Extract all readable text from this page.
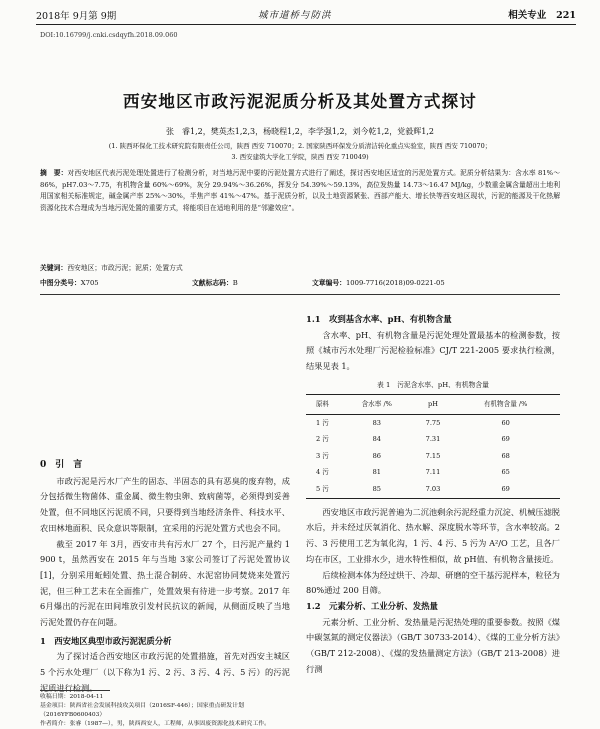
2018年 9月第 9期	城市道桥与防洪	相关专业 221
DOI:10.16799/j.cnki.csdqyfh.2018.09.060
西安地区市政污泥泥质分析及其处置方式探讨
张　睿1,2，樊英杰1,2,3，杨晓程1,2，李学强1,2，刘今乾1,2，党毅辉1,2
(1. 陕西环保化工技术研究院有限责任公司，陕西 西安 710070；2. 国家陕西环保发分质清洁转化重点实验室，陕西 西安 710070；
3. 西安建筑大学化工学院，陕西 西安 710049)
摘　要：对西安地区代表污泥处理处置进行了检测分析，对当地污泥中要的污泥处置方式进行了阐述，探讨西安地区适宜的污泥处置方式。泥质分析结果为：含水率 81%～86%，pH7.03～7.75，有机物含量 60%～69%，灰分 29.94%～36.26%，挥发分 54.39%～59.13%，高位发热量 14.73～16.47 MJ/kg，少数重金属含量超出土地利用国家相关标准规定，碱金属产率 25%～30%，半焦产率 41%～47%。基于泥质分析，以及土地资源紧张、西部产能大、增长快等西安地区现状，污泥的能源及干化热解资源化技术合理成为当地污泥处置的重要方式，将能项目在适地利用的是“邻避效应”。
关键词：西安地区；市政污泥；泥质；处置方式
中图分类号：X705	文献标志码：B	文章编号：1009-7716(2018)09-0221-05
0　引　言
市政污泥是污水厂产生的固态、半固态的具有恶臭的废弃物，成分包括微生物菌体、重金属、微生物虫卵、致病菌等，必须得到妥善处置，但不同地区污泥质不同，只要得到当地经济条件、科技水平、农田林地面积、民众意识等限制，宜采用的污泥处置方式也会不同。
截至 2017 年 3月，西安市共有污水厂 27 个，日污泥产量约 1 900 t，虽然西安在 2015 年与当地 3家公司签订了污泥处置协议[1]，分别采用蚯蚓处置、热土混合制砖、水泥窑协同焚烧来处置污泥，但三种工艺未在全面推广，处置效果有待进一步考察。2017 年 6月爆出的污泥在田间堆放引发村民抗议的新闻，从侧面反映了当地污泥处置仍存在问题。
1　西安地区典型市政污泥泥质分析
为了探讨适合西安地区市政污泥的处置措施，首先对西安主城区 5 个污水处理厂（以下称为1 污、2 污、3 污、4 污、5 污）的污泥泥质进行检测。
收稿日期：2018-04-11
基金项目：陕西省社会发展科技攻关项目（2016SF-446）；国家重点研发计划（2016YFB0600403）
作者简介：张睿（1987—），男，陕西西安人，工程师，从事固废资源化技术研究工作。
1.1　攻到基含水率、pH、有机物含量
含水率、pH、有机物含量是污泥处理处置最基本的检测参数，按照《城市污水处理厂污泥检验标准》CJ/T 221-2005 要求执行检测，结果见表 1。
表 1　污泥含水率、pH、有机物含量
原料	含水率 /%	pH	有机物含量 /%
1 污	83	7.75	60
2 污	84	7.31	69
3 污	86	7.15	68
4 污	81	7.11	65
5 污	85	7.03	69
西安地区市政污泥普遍为二沉池剩余污泥经重力沉淀、机械压滤脱水后，并未经过厌氧消化、热水解、深度脱水等环节，含水率较高。2 污、3 污使用工艺为氧化沟，1 污、4 污、5 污为 A²/O 工艺，且各厂均在市区，工业排水少，进水特性相似，故 pH值、有机物含量接近。
后续检测本体为经过烘干、冷却、研磨的空干基污泥样本，粒径为 80%通过 200 目筛。
1.2　元素分析、工业分析、发热量
元素分析、工业分析、发热量是污泥热处理的重要参数。按照《煤中碳氢氮的测定仪器法》（GB/T 30733-2014）、《煤的工业分析方法》（GB/T 212-2008）、《煤的发热量测定方法》（GB/T 213-2008）进行测
